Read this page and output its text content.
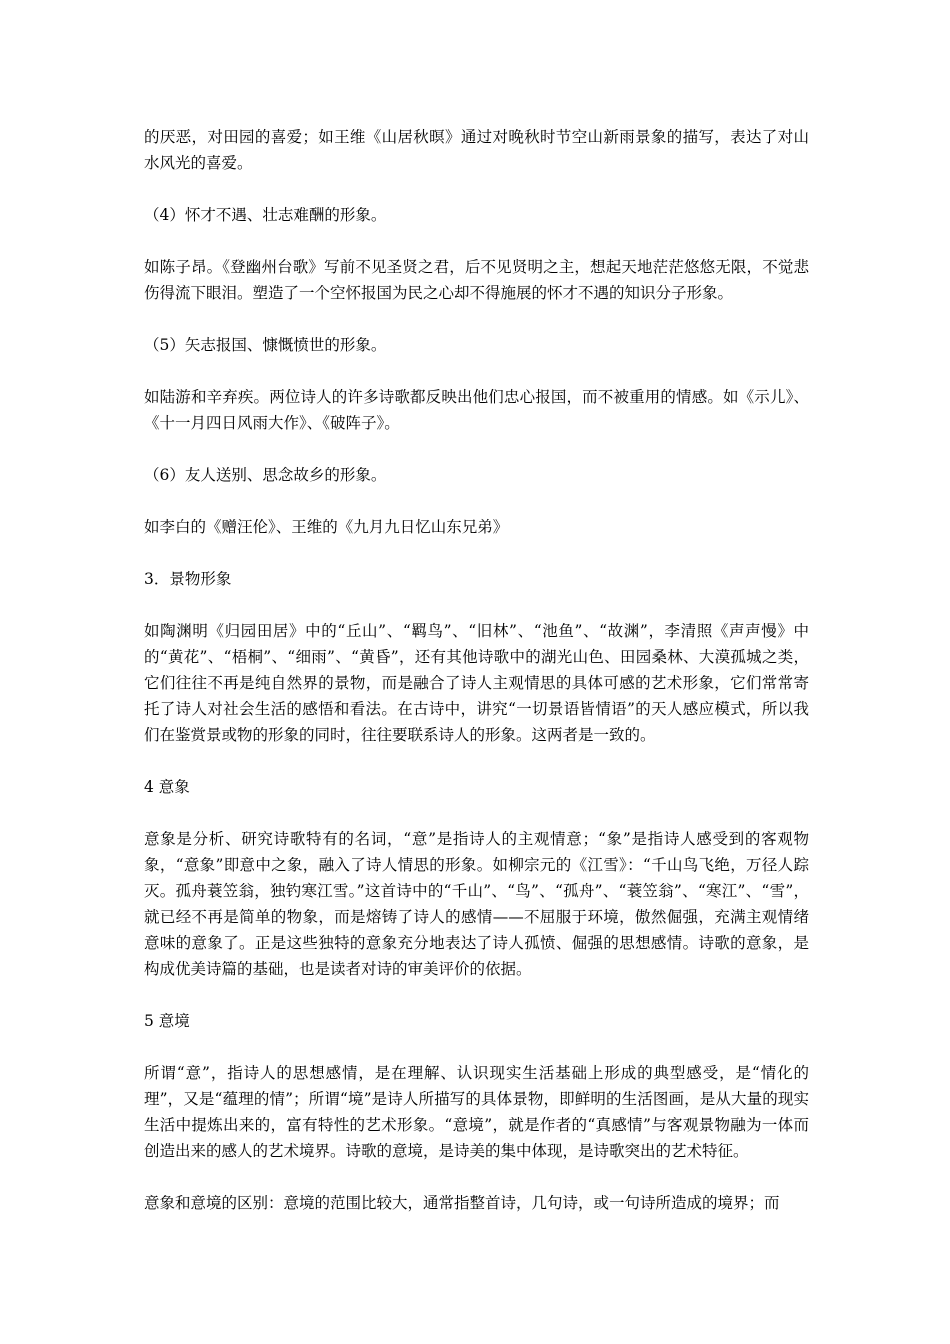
的厌恶，对田园的喜爱；如王维《山居秋暝》通过对晚秋时节空山新雨景象的描写，表达了对山水风光的喜爱。

（4）怀才不遇、壮志难酬的形象。

如陈子昂。《登幽州台歌》写前不见圣贤之君，后不见贤明之主，想起天地茫茫悠悠无限，不觉悲伤得流下眼泪。塑造了一个空怀报国为民之心却不得施展的怀才不遇的知识分子形象。

（5）矢志报国、慷慨愤世的形象。

如陆游和辛弃疾。两位诗人的许多诗歌都反映出他们忠心报国，而不被重用的情感。如《示儿》、《十一月四日风雨大作》、《破阵子》。

（6）友人送别、思念故乡的形象。

如李白的《赠汪伦》、王维的《九月九日忆山东兄弟》

3．景物形象

如陶渊明《归园田居》中的“丘山”、“羁鸟”、“旧林”、“池鱼”、“故渊”，李清照《声声慢》中的“黄花”、“梧桐”、“细雨”、“黄昏”，还有其他诗歌中的湖光山色、田园桑林、大漠孤城之类，它们往往不再是纯自然界的景物，而是融合了诗人主观情思的具体可感的艺术形象，它们常常寄托了诗人对社会生活的感悟和看法。在古诗中，讲究“一切景语皆情语”的天人感应模式，所以我们在鉴赏景或物的形象的同时，往往要联系诗人的形象。这两者是一致的。

4 意象

意象是分析、研究诗歌特有的名词，“意”是指诗人的主观情意；“象”是指诗人感受到的客观物象，“意象”即意中之象，融入了诗人情思的形象。如柳宗元的《江雪》：“千山鸟飞绝，万径人踪灭。孤舟蓑笠翁，独钓寒江雪。”这首诗中的“千山”、“鸟”、“孤舟”、“蓑笠翁”、“寒江”、“雪”，就已经不再是简单的物象，而是熔铸了诗人的感情——不屈服于环境，傲然倔强，充满主观情绪意味的意象了。正是这些独特的意象充分地表达了诗人孤愤、倔强的思想感情。诗歌的意象，是构成优美诗篇的基础，也是读者对诗的审美评价的依据。

5 意境

所谓“意”，指诗人的思想感情，是在理解、认识现实生活基础上形成的典型感受，是“情化的理”，又是“蕴理的情”；所谓“境”是诗人所描写的具体景物，即鲜明的生活图画，是从大量的现实生活中提炼出来的，富有特性的艺术形象。“意境”，就是作者的“真感情”与客观景物融为一体而创造出来的感人的艺术境界。诗歌的意境，是诗美的集中体现，是诗歌突出的艺术特征。

意象和意境的区别：意境的范围比较大，通常指整首诗，几句诗，或一句诗所造成的境界；而
